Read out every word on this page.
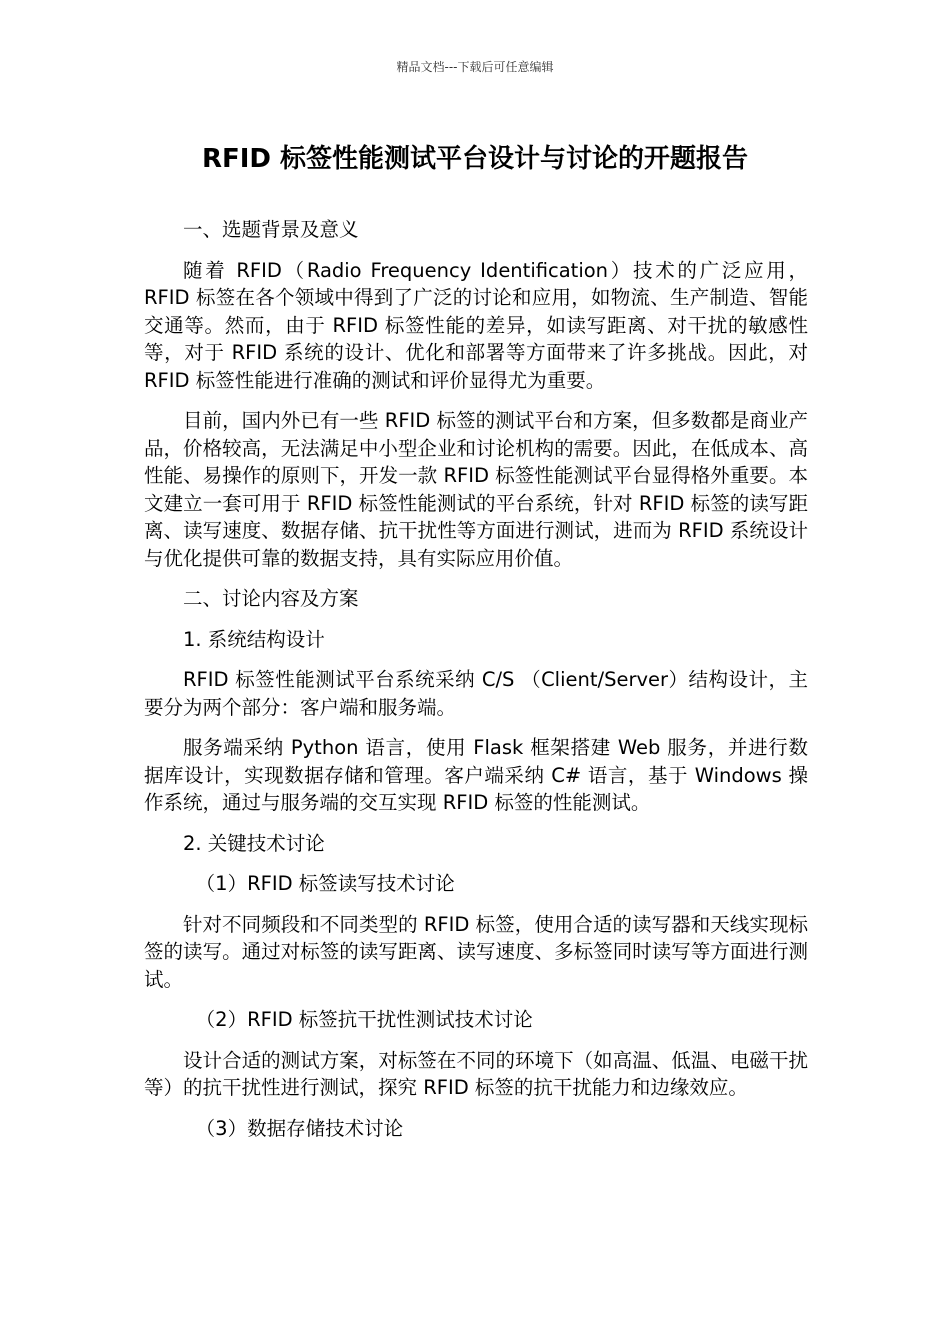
精品文档---下载后可任意编辑
RFID 标签性能测试平台设计与讨论的开题报告

一、选题背景及意义

随着 RFID（Radio Frequency Identification）技术的广泛应用，RFID 标签在各个领域中得到了广泛的讨论和应用，如物流、生产制造、智能交通等。然而，由于 RFID 标签性能的差异，如读写距离、对干扰的敏感性等，对于 RFID 系统的设计、优化和部署等方面带来了许多挑战。因此，对 RFID 标签性能进行准确的测试和评价显得尤为重要。

目前，国内外已有一些 RFID 标签的测试平台和方案，但多数都是商业产品，价格较高，无法满足中小型企业和讨论机构的需要。因此，在低成本、高性能、易操作的原则下，开发一款 RFID 标签性能测试平台显得格外重要。本文建立一套可用于 RFID 标签性能测试的平台系统，针对 RFID 标签的读写距离、读写速度、数据存储、抗干扰性等方面进行测试，进而为 RFID 系统设计与优化提供可靠的数据支持，具有实际应用价值。

二、讨论内容及方案

1. 系统结构设计

RFID 标签性能测试平台系统采纳 C/S （Client/Server）结构设计，主要分为两个部分：客户端和服务端。

服务端采纳 Python 语言，使用 Flask 框架搭建 Web 服务，并进行数据库设计，实现数据存储和管理。客户端采纳 C# 语言，基于 Windows 操作系统，通过与服务端的交互实现 RFID 标签的性能测试。

2. 关键技术讨论

（1）RFID 标签读写技术讨论

针对不同频段和不同类型的 RFID 标签，使用合适的读写器和天线实现标签的读写。通过对标签的读写距离、读写速度、多标签同时读写等方面进行测试。

（2）RFID 标签抗干扰性测试技术讨论

设计合适的测试方案，对标签在不同的环境下（如高温、低温、电磁干扰等）的抗干扰性进行测试，探究 RFID 标签的抗干扰能力和边缘效应。

（3）数据存储技术讨论
